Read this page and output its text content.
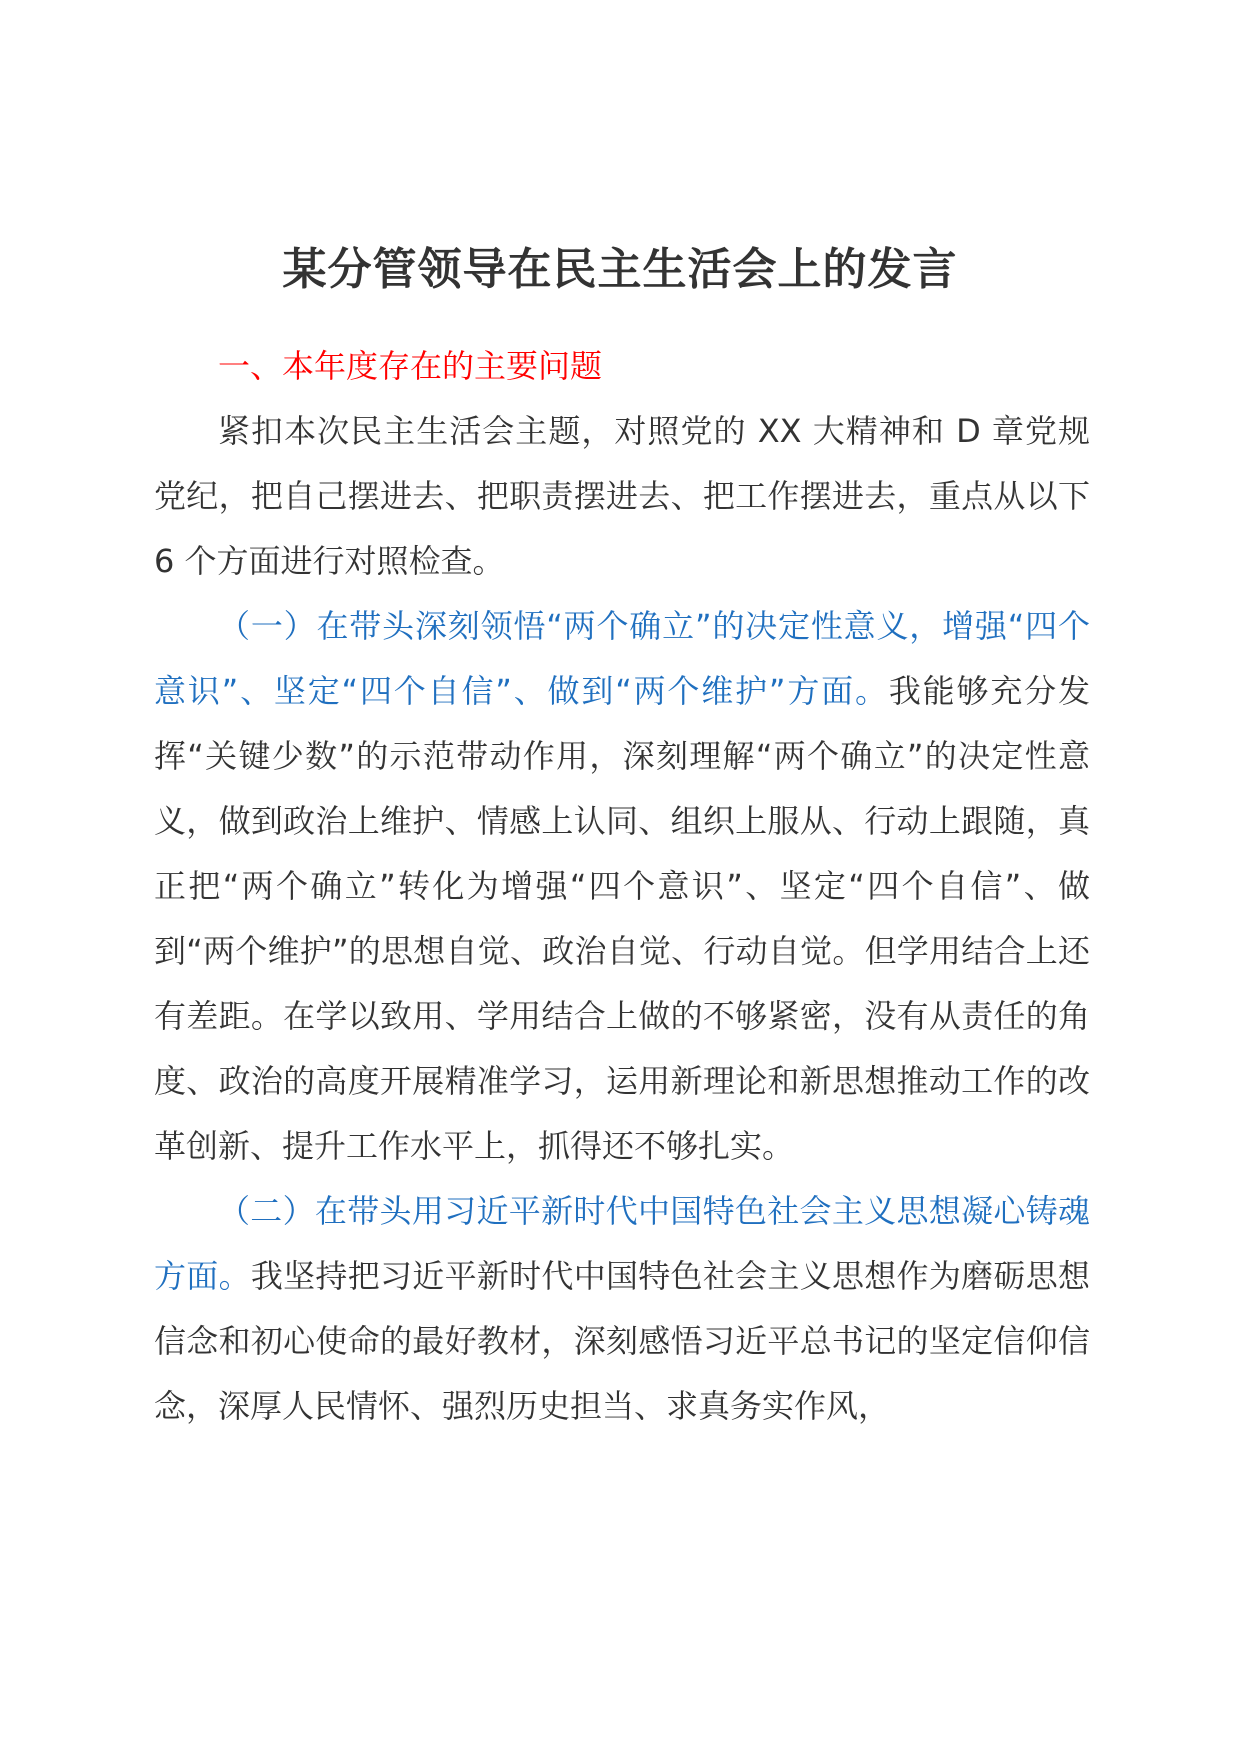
某分管领导在民主生活会上的发言

一、本年度存在的主要问题

紧扣本次民主生活会主题，对照党的 XX 大精神和 D 章党规党纪，把自己摆进去、把职责摆进去、把工作摆进去，重点从以下 6 个方面进行对照检查。

（一）在带头深刻领悟“两个确立”的决定性意义，增强“四个意识”、坚定“四个自信”、做到“两个维护”方面。我能够充分发挥“关键少数”的示范带动作用，深刻理解“两个确立”的决定性意义，做到政治上维护、情感上认同、组织上服从、行动上跟随，真正把“两个确立”转化为增强“四个意识”、坚定“四个自信”、做到“两个维护”的思想自觉、政治自觉、行动自觉。但学用结合上还有差距。在学以致用、学用结合上做的不够紧密，没有从责任的角度、政治的高度开展精准学习，运用新理论和新思想推动工作的改革创新、提升工作水平上，抓得还不够扎实。

（二）在带头用习近平新时代中国特色社会主义思想凝心铸魂方面。我坚持把习近平新时代中国特色社会主义思想作为磨砺思想信念和初心使命的最好教材，深刻感悟习近平总书记的坚定信仰信念，深厚人民情怀、强烈历史担当、求真务实作风，
